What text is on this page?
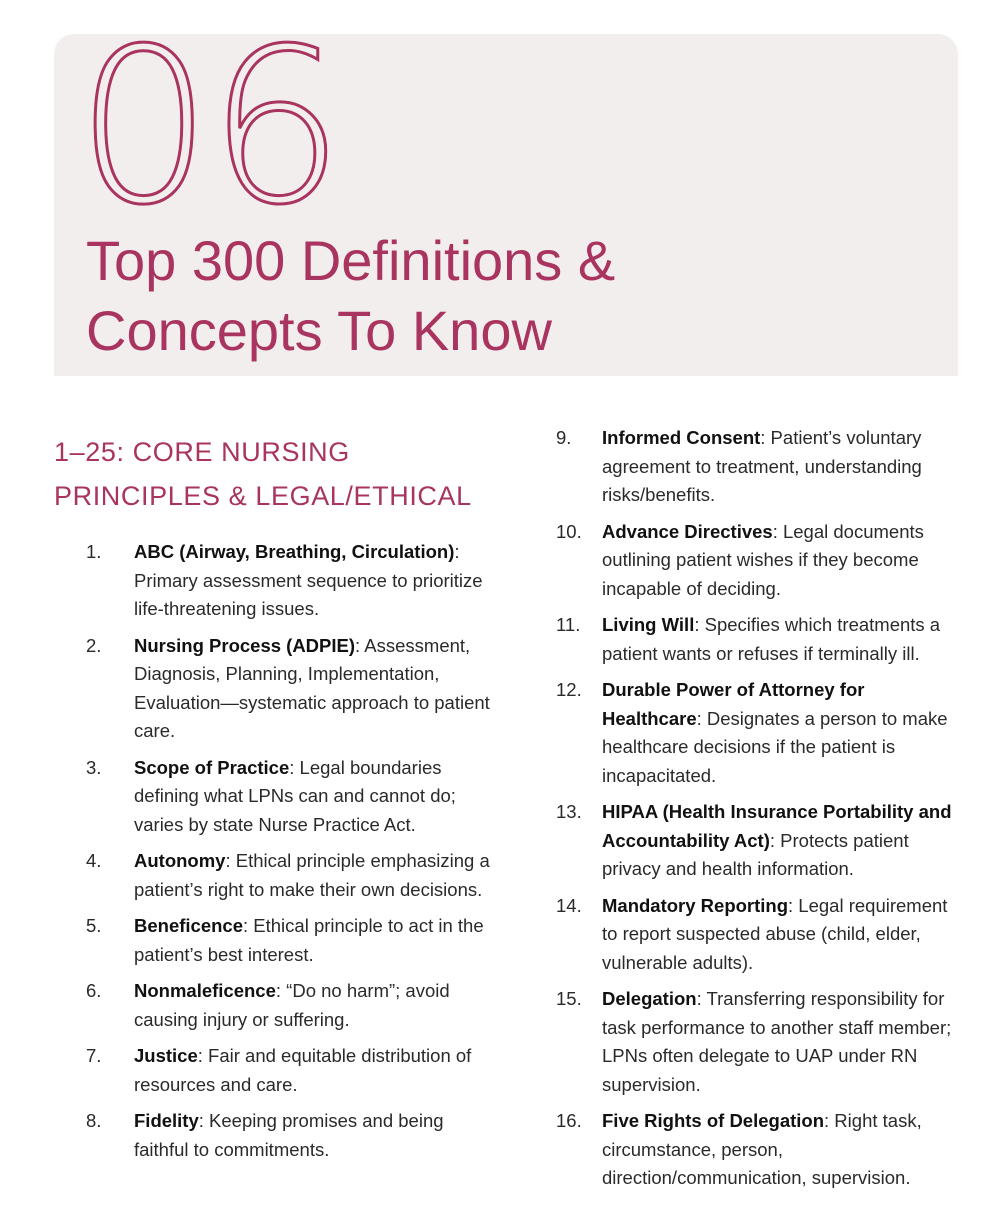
06
Top 300 Definitions & Concepts To Know
1–25: CORE NURSING PRINCIPLES & LEGAL/ETHICAL
1. ABC (Airway, Breathing, Circulation): Primary assessment sequence to prioritize life-threatening issues.
2. Nursing Process (ADPIE): Assessment, Diagnosis, Planning, Implementation, Evaluation—systematic approach to patient care.
3. Scope of Practice: Legal boundaries defining what LPNs can and cannot do; varies by state Nurse Practice Act.
4. Autonomy: Ethical principle emphasizing a patient’s right to make their own decisions.
5. Beneficence: Ethical principle to act in the patient’s best interest.
6. Nonmaleficence: “Do no harm”; avoid causing injury or suffering.
7. Justice: Fair and equitable distribution of resources and care.
8. Fidelity: Keeping promises and being faithful to commitments.
9. Informed Consent: Patient’s voluntary agreement to treatment, understanding risks/benefits.
10. Advance Directives: Legal documents outlining patient wishes if they become incapable of deciding.
11. Living Will: Specifies which treatments a patient wants or refuses if terminally ill.
12. Durable Power of Attorney for Healthcare: Designates a person to make healthcare decisions if the patient is incapacitated.
13. HIPAA (Health Insurance Portability and Accountability Act): Protects patient privacy and health information.
14. Mandatory Reporting: Legal requirement to report suspected abuse (child, elder, vulnerable adults).
15. Delegation: Transferring responsibility for task performance to another staff member; LPNs often delegate to UAP under RN supervision.
16. Five Rights of Delegation: Right task, circumstance, person, direction/communication, supervision.
